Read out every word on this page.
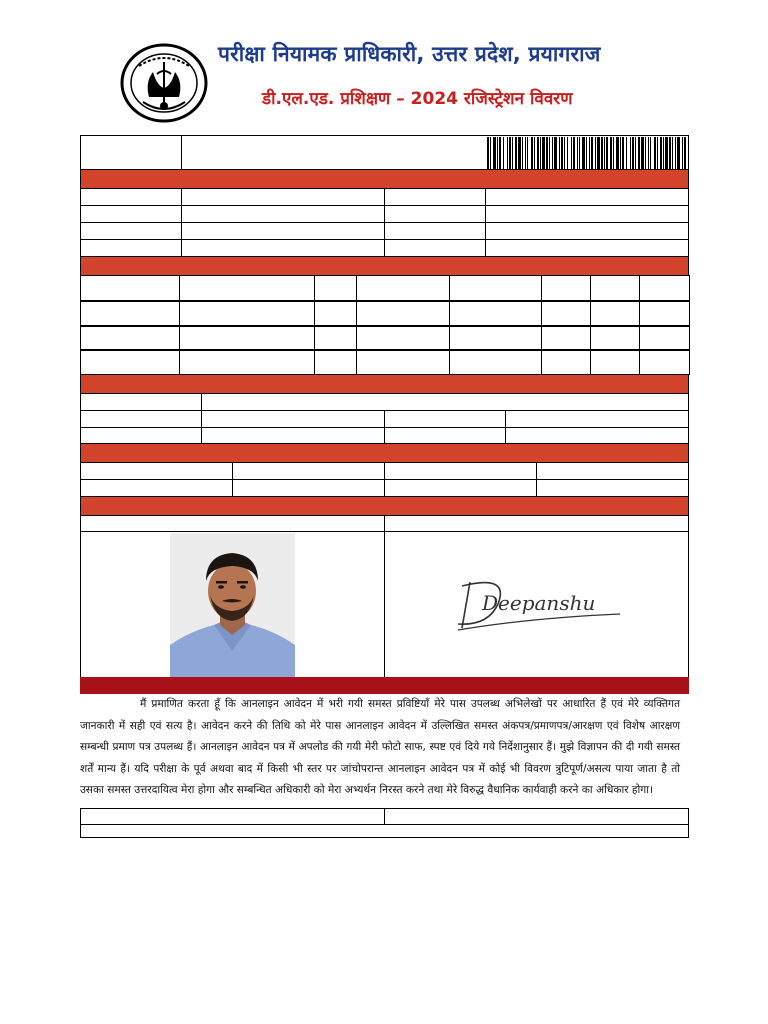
परीक्षा नियामक प्राधिकारी, उत्तर प्रदेश, प्रयागराज
डी.एल.एड. प्रशिक्षण – 2024 रजिस्ट्रेशन विवरण
Deepanshu
मैं प्रमाणित करता हूँ कि आनलाइन आवेदन में भरी गयी समस्त प्रविष्टियाँ मेरे पास उपलब्ध अभिलेखों पर आधारित हैं एवं मेरे व्यक्तिगत जानकारी में सही एवं सत्य है। आवेदन करने की तिथि को मेरे पास आनलाइन आवेदन में उल्लिखित समस्त अंकपत्र/प्रमाणपत्र/आरक्षण एवं विशेष आरक्षण सम्बन्धी प्रमाण पत्र उपलब्ध हैं। आनलाइन आवेदन पत्र में अपलोड की गयी मेरी फोटो साफ, स्पष्ट एवं दिये गये निर्देशानुसार हैं। मुझे विज्ञापन की दी गयी समस्त शर्तें मान्य हैं। यदि परीक्षा के पूर्व अथवा बाद में किसी भी स्तर पर जांचोपरान्त आनलाइन आवेदन पत्र में कोई भी विवरण त्रुटिपूर्ण/असत्य पाया जाता है तो उसका समस्त उत्तरदायित्व मेरा होगा और सम्बन्धित अधिकारी को मेरा अभ्यर्थन निरस्त करने तथा मेरे विरुद्ध वैधानिक कार्यवाही करने का अधिकार होगा।
